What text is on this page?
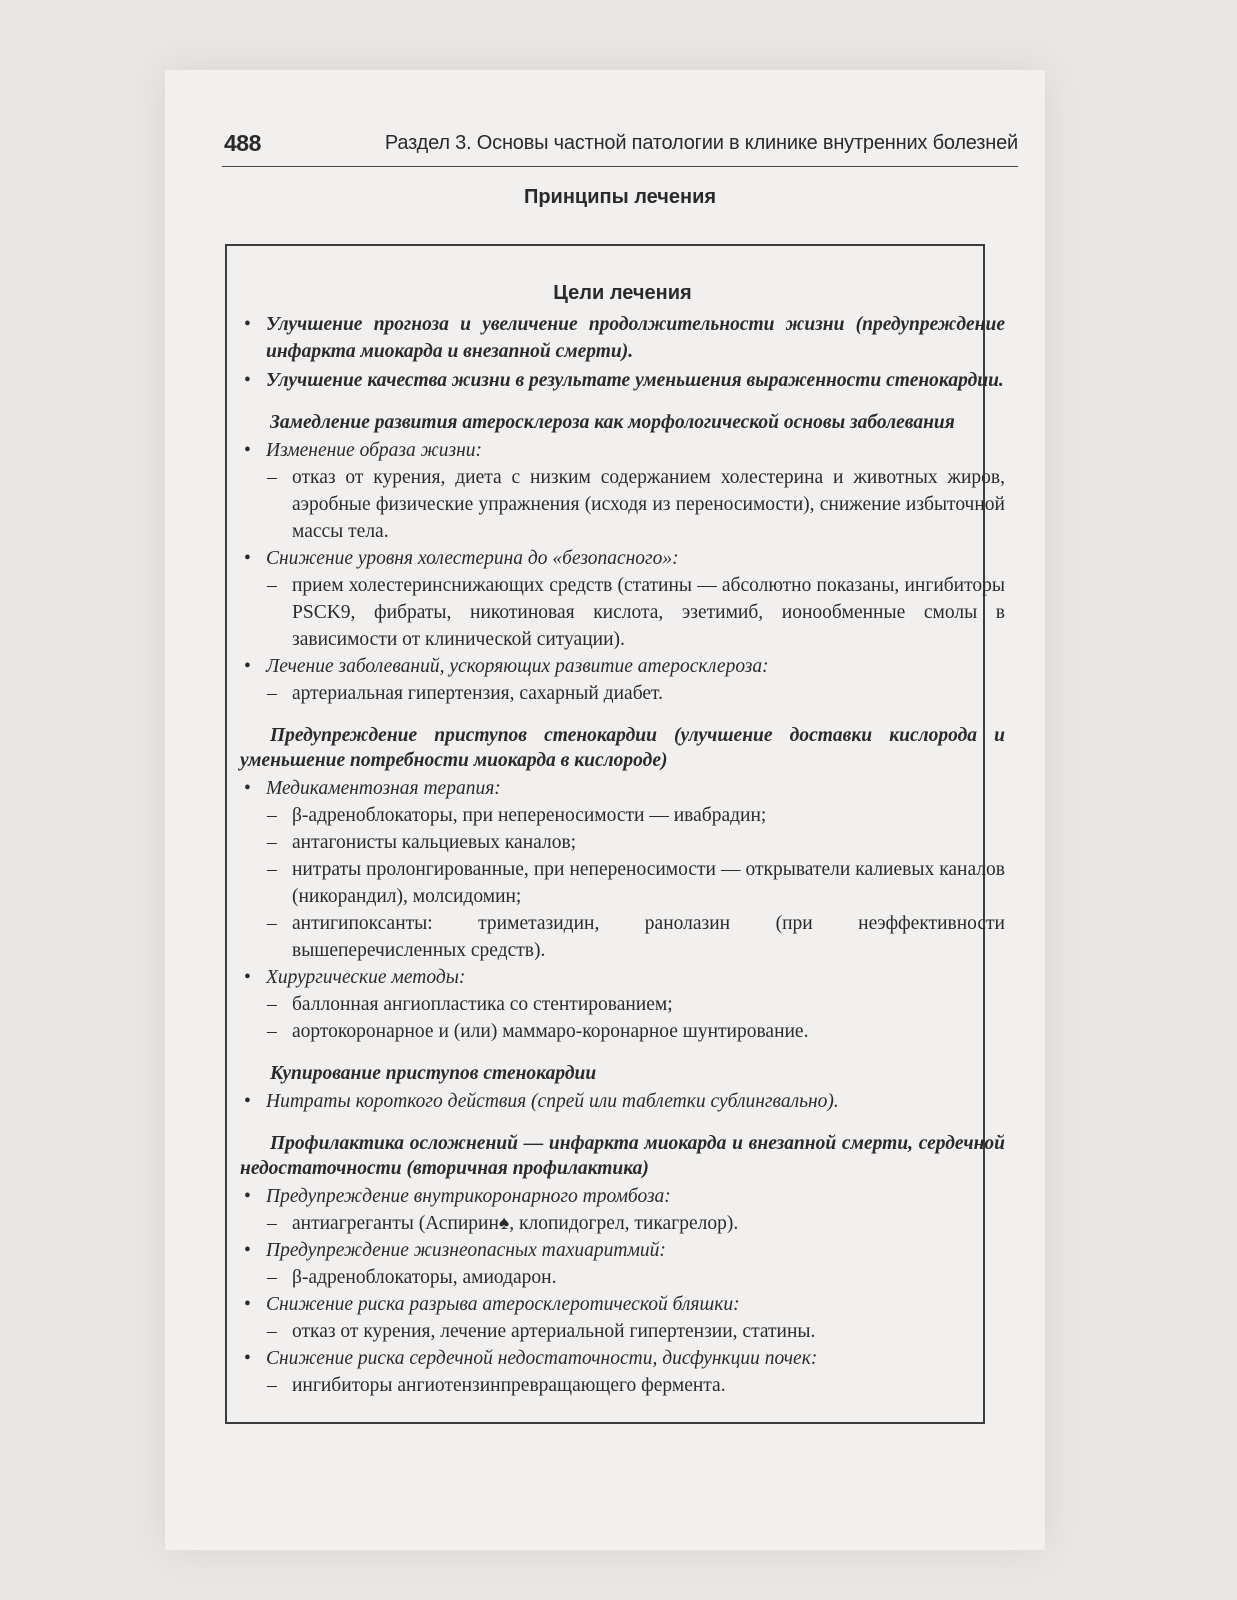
488	Раздел 3. Основы частной патологии в клинике внутренних болезней
Принципы лечения
Цели лечения
• Улучшение прогноза и увеличение продолжительности жизни (предупреждение инфаркта миокарда и внезапной смерти).
• Улучшение качества жизни в результате уменьшения выраженности стенокардии.
Замедление развития атеросклероза как морфологической основы заболевания
• Изменение образа жизни:
– отказ от курения, диета с низким содержанием холестерина и животных жиров, аэробные физические упражнения (исходя из переносимости), снижение избыточной массы тела.
• Снижение уровня холестерина до «безопасного»:
– прием холестеринснижающих средств (статины — абсолютно показаны, ингибиторы PSCK9, фибраты, никотиновая кислота, эзетимиб, ионообменные смолы в зависимости от клинической ситуации).
• Лечение заболеваний, ускоряющих развитие атеросклероза:
– артериальная гипертензия, сахарный диабет.
Предупреждение приступов стенокардии (улучшение доставки кислорода и уменьшение потребности миокарда в кислороде)
• Медикаментозная терапия:
– β-адреноблокаторы, при непереносимости — ивабрадин;
– антагонисты кальциевых каналов;
– нитраты пролонгированные, при непереносимости — открыватели калиевых каналов (никорандил), молсидомин;
– антигипоксанты: триметазидин, ранолазин (при неэффективности вышеперечисленных средств).
• Хирургические методы:
– баллонная ангиопластика со стентированием;
– аортокоронарное и (или) маммаро-коронарное шунтирование.
Купирование приступов стенокардии
• Нитраты короткого действия (спрей или таблетки сублингвально).
Профилактика осложнений — инфаркта миокарда и внезапной смерти, сердечной недостаточности (вторичная профилактика)
• Предупреждение внутрикоронарного тромбоза:
– антиагреганты (Аспирин♠, клопидогрел, тикагрелор).
• Предупреждение жизнеопасных тахиаритмий:
– β-адреноблокаторы, амиодарон.
• Снижение риска разрыва атеросклеротической бляшки:
– отказ от курения, лечение артериальной гипертензии, статины.
• Снижение риска сердечной недостаточности, дисфункции почек:
– ингибиторы ангиотензинпревращающего фермента.
